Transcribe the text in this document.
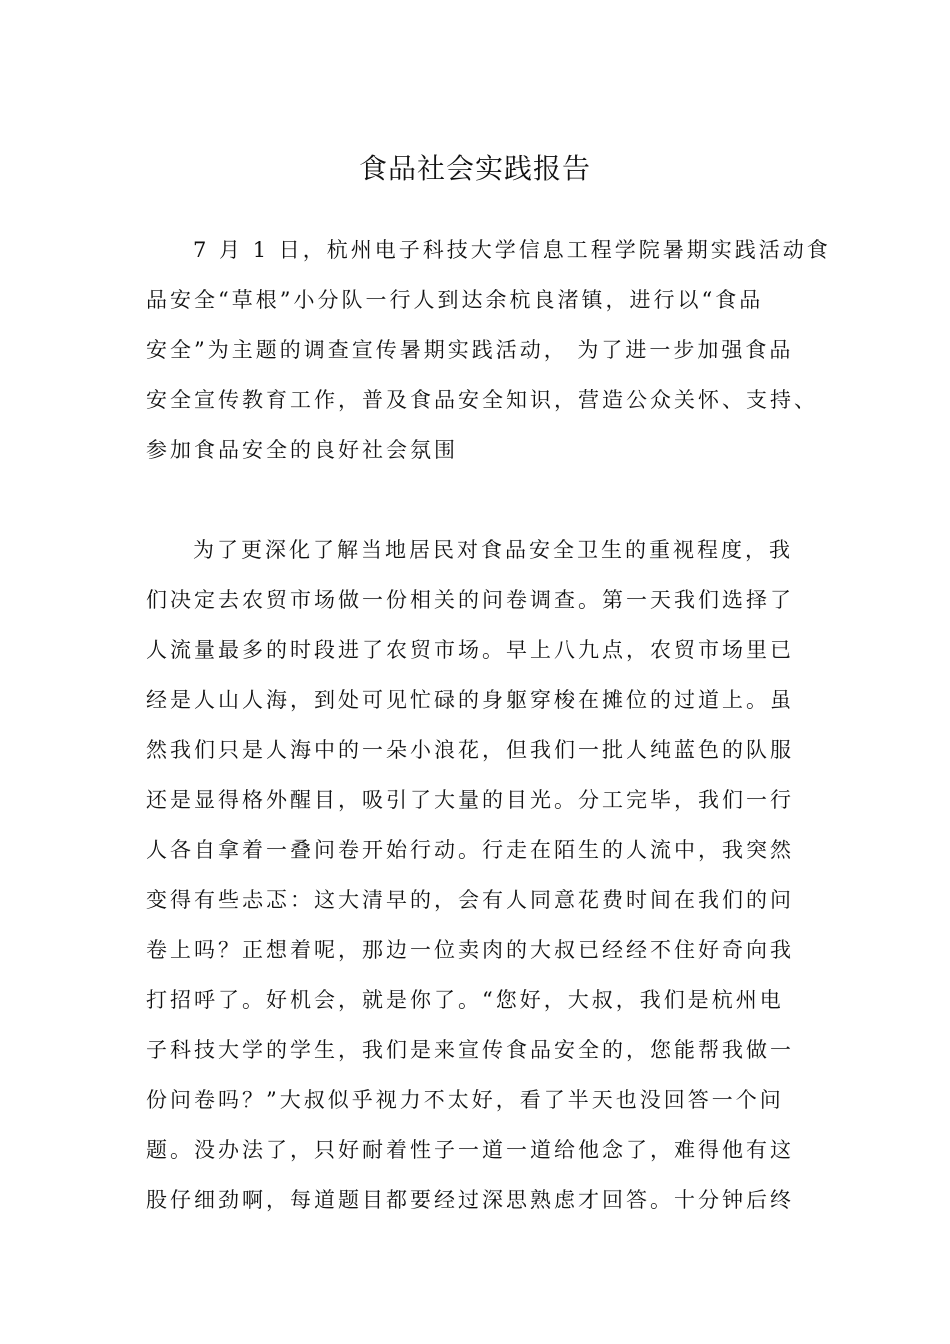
食品社会实践报告
7 月 1 日，杭州电子科技大学信息工程学院暑期实践活动食
品安全“草根”小分队一行人到达余杭良渚镇，进行以“食品
安全”为主题的调查宣传暑期实践活动， 为了进一步加强食品
安全宣传教育工作，普及食品安全知识，营造公众关怀、支持、
参加食品安全的良好社会氛围
为了更深化了解当地居民对食品安全卫生的重视程度，我
们决定去农贸市场做一份相关的问卷调查。第一天我们选择了
人流量最多的时段进了农贸市场。早上八九点，农贸市场里已
经是人山人海，到处可见忙碌的身躯穿梭在摊位的过道上。虽
然我们只是人海中的一朵小浪花，但我们一批人纯蓝色的队服
还是显得格外醒目，吸引了大量的目光。分工完毕，我们一行
人各自拿着一叠问卷开始行动。行走在陌生的人流中，我突然
变得有些忐忑：这大清早的，会有人同意花费时间在我们的问
卷上吗？正想着呢，那边一位卖肉的大叔已经经不住好奇向我
打招呼了。好机会，就是你了。“您好，大叔，我们是杭州电
子科技大学的学生，我们是来宣传食品安全的，您能帮我做一
份问卷吗？”大叔似乎视力不太好，看了半天也没回答一个问
题。没办法了，只好耐着性子一道一道给他念了，难得他有这
股仔细劲啊，每道题目都要经过深思熟虑才回答。十分钟后终
